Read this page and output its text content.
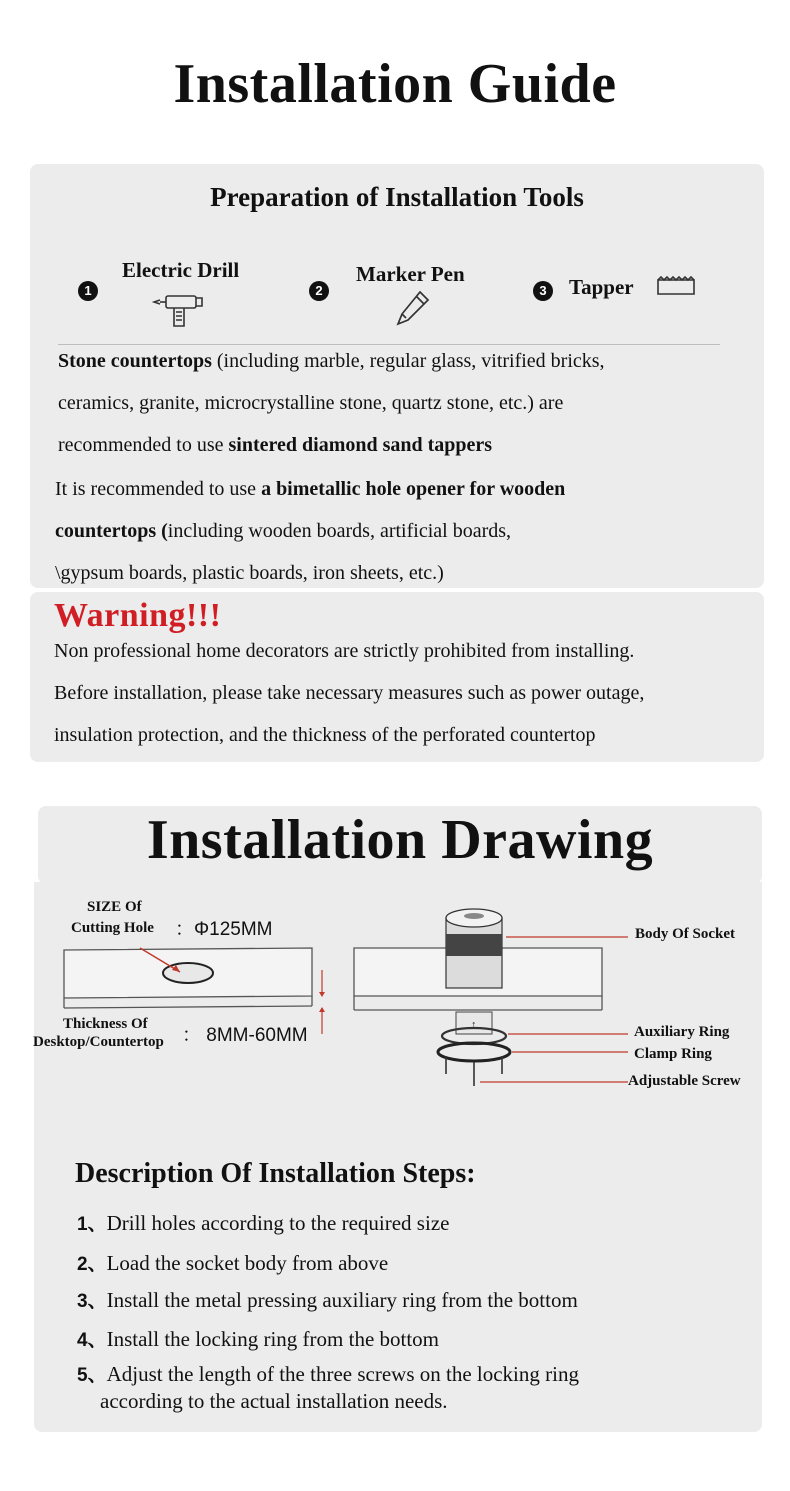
Installation Guide
Preparation of Installation Tools
1
Electric Drill
2
Marker Pen
3	Tapper
Stone countertops (including marble, regular glass, vitrified bricks,
ceramics, granite, microcrystalline stone, quartz stone, etc.) are
recommended to use sintered diamond sand tappers
It is recommended to use a bimetallic hole opener for wooden
countertops (including wooden boards, artificial boards,
\gypsum boards, plastic boards, iron sheets, etc.)
Warning!!!
Non professional home decorators are strictly prohibited from installing.
Before installation, please take necessary measures such as power outage,
insulation protection, and the thickness of the perforated countertop
Installation Drawing
SIZE Of
Cutting Hole ：Φ125MM
Thickness Of
Desktop/Countertop ： 8MM-60MM	↑
Body Of Socket
Auxiliary Ring
Clamp Ring
Adjustable Screw
Description Of Installation Steps:
1、Drill holes according to the required size
2、Load the socket body from above
3、Install the metal pressing auxiliary ring from the bottom
4、Install the locking ring from the bottom
5、Adjust the length of the three screws on the locking ring
according to the actual installation needs.
